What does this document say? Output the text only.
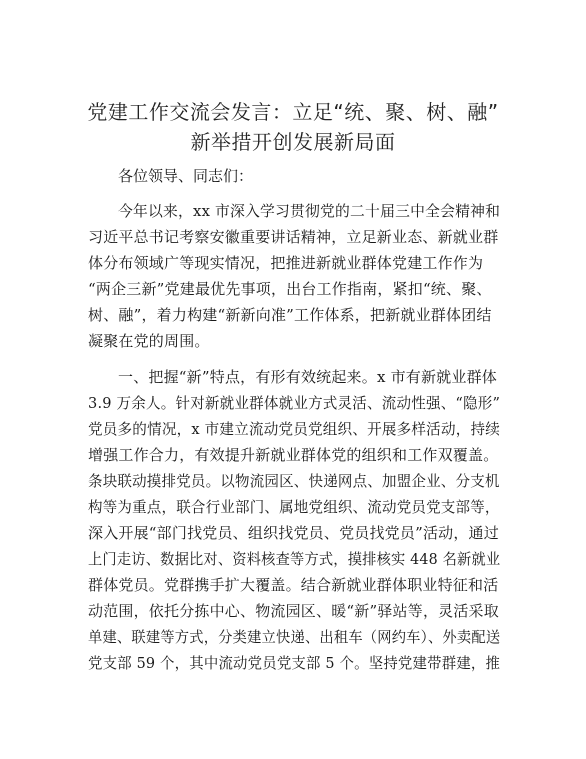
党建工作交流会发言：立足“统、聚、树、融”
新举措开创发展新局面
各位领导、同志们：
今年以来，xx 市深入学习贯彻党的二十届三中全会精神和
习近平总书记考察安徽重要讲话精神，立足新业态、新就业群
体分布领域广等现实情况，把推进新就业群体党建工作作为
“两企三新”党建最优先事项，出台工作指南，紧扣“统、聚、
树、融”，着力构建“新新向准”工作体系，把新就业群体团结
凝聚在党的周围。
一、把握“新”特点，有形有效统起来。x 市有新就业群体
3.9 万余人。针对新就业群体就业方式灵活、流动性强、“隐形”
党员多的情况，x 市建立流动党员党组织、开展多样活动，持续
增强工作合力，有效提升新就业群体党的组织和工作双覆盖。
条块联动摸排党员。以物流园区、快递网点、加盟企业、分支机
构等为重点，联合行业部门、属地党组织、流动党员党支部等，
深入开展“部门找党员、组织找党员、党员找党员”活动，通过
上门走访、数据比对、资料核查等方式，摸排核实 448 名新就业
群体党员。党群携手扩大覆盖。结合新就业群体职业特征和活
动范围，依托分拣中心、物流园区、暖“新”驿站等，灵活采取
单建、联建等方式，分类建立快递、出租车（网约车）、外卖配送
党支部 59 个，其中流动党员党支部 5 个。坚持党建带群建，推
